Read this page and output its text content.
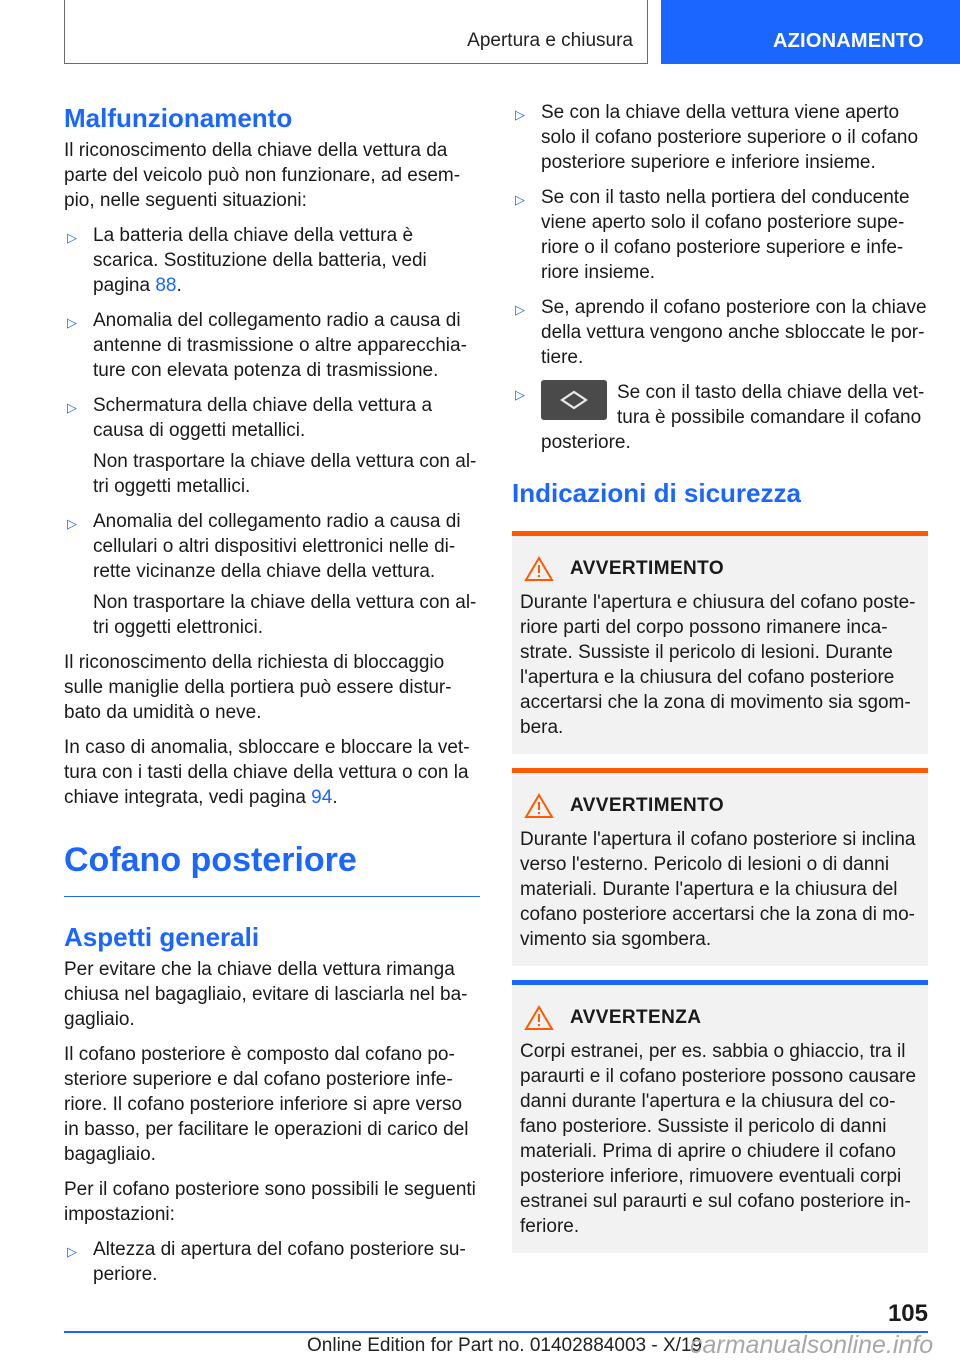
Apertura e chiusura	AZIONAMENTO
Malfunzionamento

Il riconoscimento della chiave della vettura da parte del veicolo può non funzionare, ad esempio, nelle seguenti situazioni:

▷ La batteria della chiave della vettura è scarica. Sostituzione della batteria, vedi pagina 88.
▷ Anomalia del collegamento radio a causa di antenne di trasmissione o altre apparecchiature con elevata potenza di trasmissione.
▷ Schermatura della chiave della vettura a causa di oggetti metallici.

Non trasportare la chiave della vettura con altri oggetti metallici.

▷ Anomalia del collegamento radio a causa di cellulari o altri dispositivi elettronici nelle dirette vicinanze della chiave della vettura.

Non trasportare la chiave della vettura con altri oggetti elettronici.

Il riconoscimento della richiesta di bloccaggio sulle maniglie della portiera può essere disturbato da umidità o neve.

In caso di anomalia, sbloccare e bloccare la vettura con i tasti della chiave della vettura o con la chiave integrata, vedi pagina 94.

Cofano posteriore
Aspetti generali

Per evitare che la chiave della vettura rimanga chiusa nel bagagliaio, evitare di lasciarla nel bagagliaio.

Il cofano posteriore è composto dal cofano posteriore superiore e dal cofano posteriore inferiore. Il cofano posteriore inferiore si apre verso in basso, per facilitare le operazioni di carico del bagagliaio.

Per il cofano posteriore sono possibili le seguenti impostazioni:

▷ Altezza di apertura del cofano posteriore superiore.
▷ Se con la chiave della vettura viene aperto solo il cofano posteriore superiore o il cofano posteriore superiore e inferiore insieme.
▷ Se con il tasto nella portiera del conducente viene aperto solo il cofano posteriore superiore o il cofano posteriore superiore e inferiore insieme.
▷ Se, aprendo il cofano posteriore con la chiave della vettura vengono anche sbloccate le portiere.
▷	Se con il tasto della chiave della vettura è possibile comandare il cofano posteriore.
Indicazioni di sicurezza
AVVERTIMENTO

Durante l'apertura e chiusura del cofano posteriore parti del corpo possono rimanere incastrate. Sussiste il pericolo di lesioni. Durante l'apertura e la chiusura del cofano posteriore accertarsi che la zona di movimento sia sgombera.

AVVERTIMENTO

Durante l'apertura il cofano posteriore si inclina verso l'esterno. Pericolo di lesioni o di danni materiali. Durante l'apertura e la chiusura del cofano posteriore accertarsi che la zona di movimento sia sgombera.

AVVERTENZA

Corpi estranei, per es. sabbia o ghiaccio, tra il paraurti e il cofano posteriore possono causare danni durante l'apertura e la chiusura del cofano posteriore. Sussiste il pericolo di danni materiali. Prima di aprire o chiudere il cofano posteriore inferiore, rimuovere eventuali corpi estranei sul paraurti e sul cofano posteriore inferiore.

105
Online Edition for Part no. 01402884003 - X/19
carmanualsonline.info
